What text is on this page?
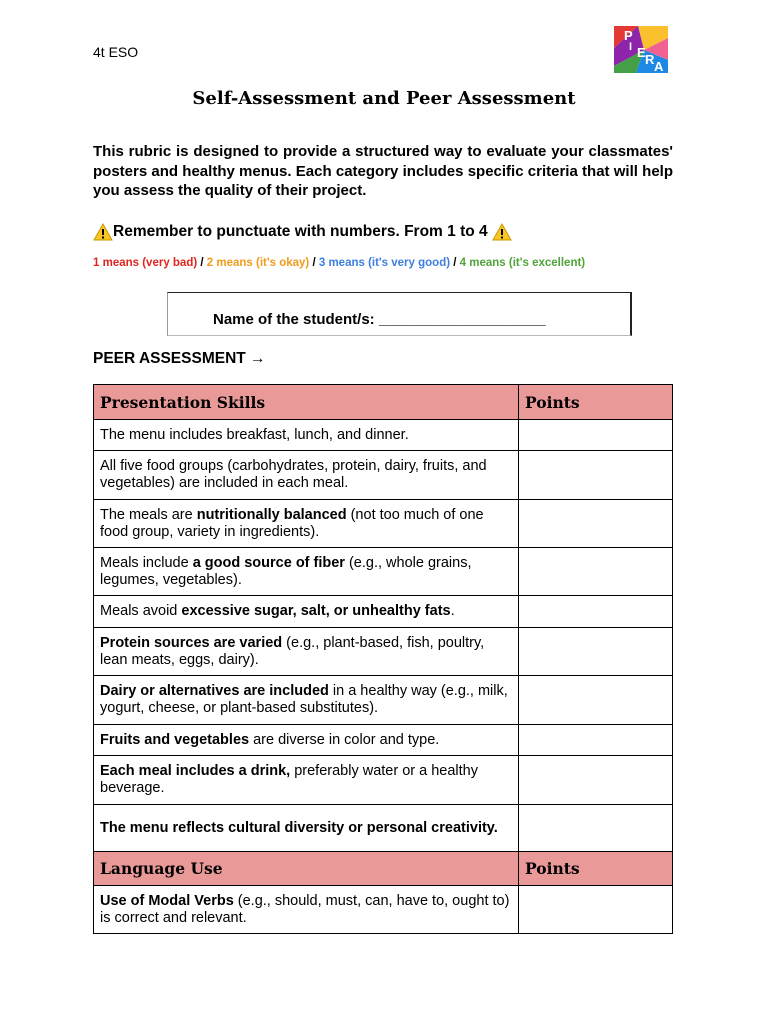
4t ESO
P
I E R A
Self-Assessment and Peer Assessment
This rubric is designed to provide a structured way to evaluate your classmates' posters and healthy menus. Each category includes specific criteria that will help you assess the quality of their project.
Remember to punctuate with numbers. From 1 to 4
1 means (very bad) / 2 means (it's okay) / 3 means (it's very good) / 4 means (it's excellent)
Name of the student/s: ____________________
PEER ASSESSMENT →
Presentation Skills	Points
The menu includes breakfast, lunch, and dinner.	
All five food groups (carbohydrates, protein, dairy, fruits, and vegetables) are included in each meal.	
The meals are nutritionally balanced (not too much of one food group, variety in ingredients).	
Meals include a good source of fiber (e.g., whole grains, legumes, vegetables).	
Meals avoid excessive sugar, salt, or unhealthy fats.	
Protein sources are varied (e.g., plant-based, fish, poultry, lean meats, eggs, dairy).	
Dairy or alternatives are included in a healthy way (e.g., milk, yogurt, cheese, or plant-based substitutes).	
Fruits and vegetables are diverse in color and type.	
Each meal includes a drink, preferably water or a healthy beverage.	
The menu reflects cultural diversity or personal creativity.	
Language Use	Points
Use of Modal Verbs (e.g., should, must, can, have to, ought to) is correct and relevant.	
